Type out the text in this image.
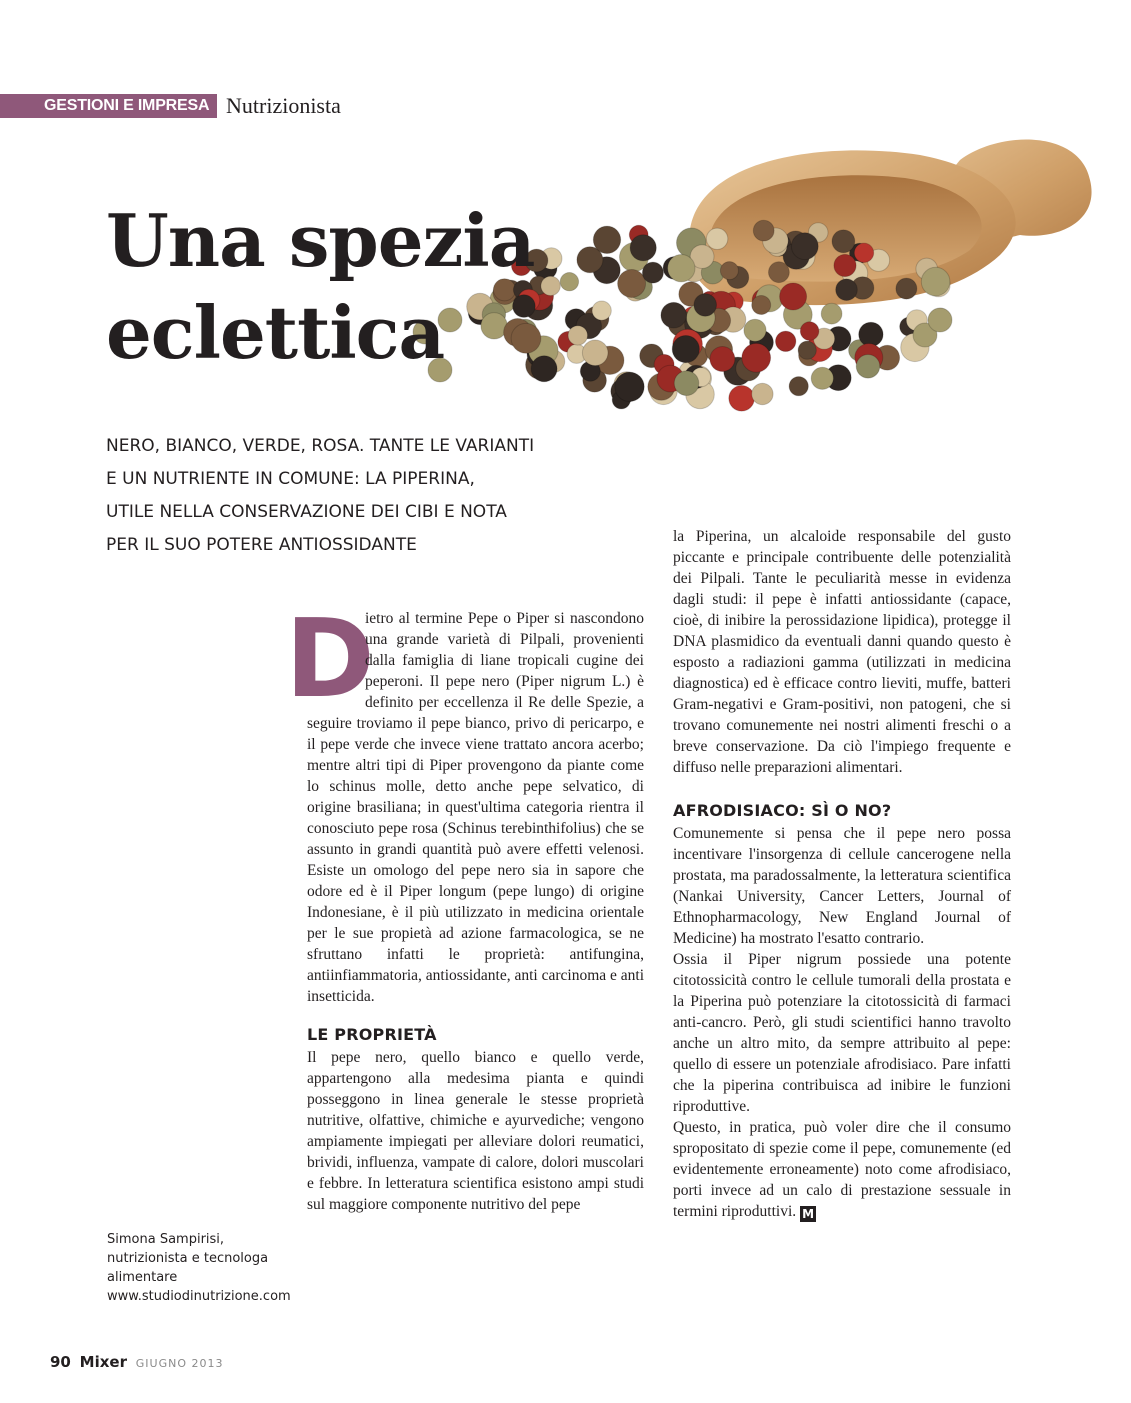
GESTIONI E IMPRESA Nutrizionista
Una spezia
eclettica
NERO, BIANCO, VERDE, ROSA. TANTE LE VARIANTI
E UN NUTRIENTE IN COMUNE: LA PIPERINA,
UTILE NELLA CONSERVAZIONE DEI CIBI E NOTA
PER IL SUO POTERE ANTIOSSIDANTE

D
ietro al termine Pepe o Piper si nascondono una grande varietà di Pilpali, provenienti dalla famiglia di liane tropicali cugine dei peperoni. Il pepe nero (Piper nigrum L.) è definito per eccellenza il Re delle Spezie, a seguire troviamo il pepe bianco, privo di pericarpo, e il pepe verde che invece viene trattato ancora acerbo; mentre altri tipi di Piper provengono da piante come lo schinus molle, detto anche pepe selvatico, di origine brasiliana; in quest'ultima categoria rientra il conosciuto pepe rosa (Schinus terebinthifolius) che se assunto in grandi quantità può avere effetti velenosi. Esiste un omologo del pepe nero sia in sapore che odore ed è il Piper longum (pepe lungo) di origine Indonesiane, è il più utilizzato in medicina orientale per le sue propietà ad azione farmacologica, se ne sfruttano infatti le proprietà: antifungina, antiinfiammatoria, antiossidante, anti carcinoma e anti insetticida.

LE PROPRIETÀ

Il pepe nero, quello bianco e quello verde, appartengono alla medesima pianta e quindi posseggono in linea generale le stesse proprietà nutritive, olfattive, chimiche e ayurvediche; vengono ampiamente impiegati per alleviare dolori reumatici, brividi, influenza, vampate di calore, dolori muscolari e febbre. In letteratura scientifica esistono ampi studi sul maggiore componente nutritivo del pepe

la Piperina, un alcaloide responsabile del gusto piccante e principale contribuente delle potenzialità dei Pilpali. Tante le peculiarità messe in evidenza dagli studi: il pepe è infatti antiossidante (capace, cioè, di inibire la perossidazione lipidica), protegge il DNA plasmidico da eventuali danni quando questo è esposto a radiazioni gamma (utilizzati in medicina diagnostica) ed è efficace contro lieviti, muffe, batteri Gram-negativi e Gram-positivi, non patogeni, che si trovano comunemente nei nostri alimenti freschi o a breve conservazione. Da ciò l'impiego frequente e diffuso nelle preparazioni alimentari.

AFRODISIACO: SÌ O NO?

Comunemente si pensa che il pepe nero possa incentivare l'insorgenza di cellule cancerogene nella prostata, ma paradossalmente, la letteratura scientifica (Nankai University, Cancer Letters, Journal of Ethnopharmacology, New England Journal of Medicine) ha mostrato l'esatto contrario.

Ossia il Piper nigrum possiede una potente citotossicità contro le cellule tumorali della prostata e la Piperina può potenziare la citotossicità di farmaci anti-cancro. Però, gli studi scientifici hanno travolto anche un altro mito, da sempre attribuito al pepe: quello di essere un potenziale afrodisiaco. Pare infatti che la piperina contribuisca ad inibire le funzioni riproduttive.

Questo, in pratica, può voler dire che il consumo spropositato di spezie come il pepe, comunemente (ed evidentemente erroneamente) noto come afrodisiaco, porti invece ad un calo di prestazione sessuale in termini riproduttivi. M

Simona Sampirisi,
nutrizionista e tecnologa
alimentare
www.studiodinutrizione.com
90 Mixer GIUGNO 2013
